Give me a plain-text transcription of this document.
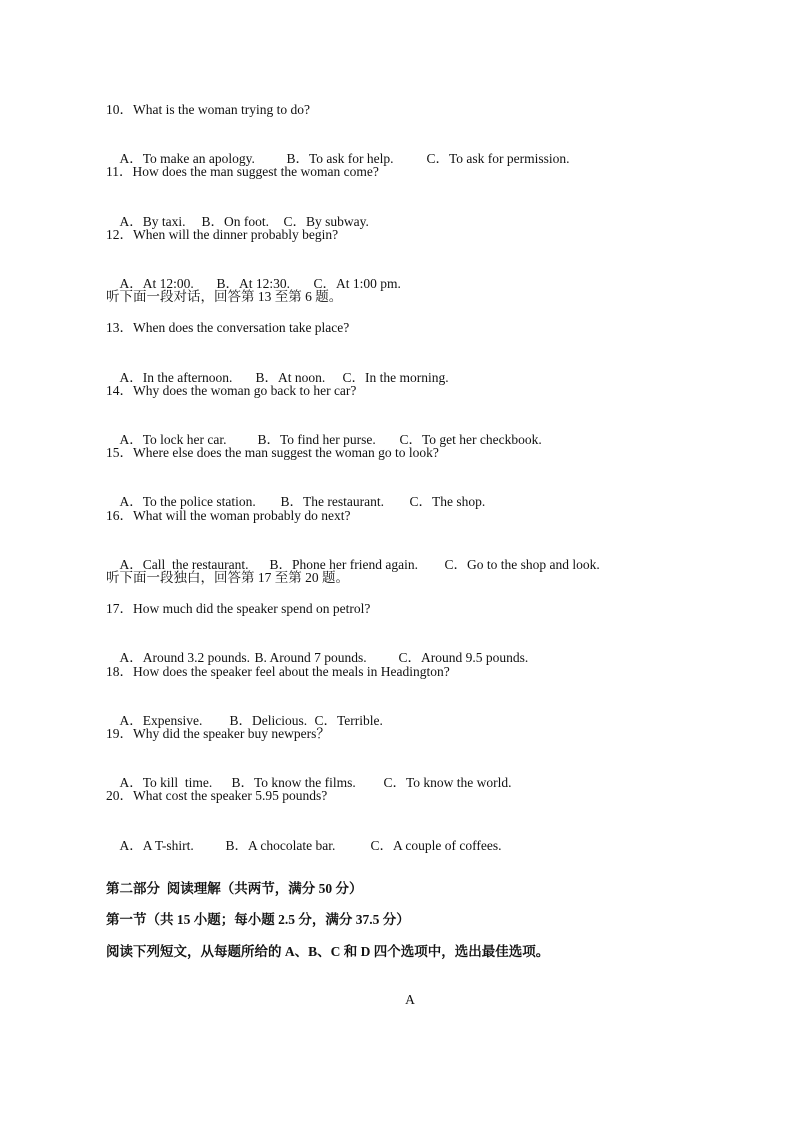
10．What is the woman trying to do?

A．To make an apology. B．To ask for help. C．To ask for permission.

11．How does the man suggest the woman come?

A．By taxi. B．On foot. C．By subway.

12．When will the dinner probably begin?

A．At 12:00. B．At 12:30. C．At 1:00 pm.

听下面一段对话，回答第 13 至第 6 题。
13．When does the conversation take place?

A．In the afternoon. B．At noon. C．In the morning.

14．Why does the woman go back to her car?

A．To lock her car. B．To find her purse. C．To get her checkbook.

15．Where else does the man suggest the woman go to look?

A．To the police station. B．The restaurant. C．The shop.

16．What will the woman probably do next?

A．Call  the restaurant. B．Phone her friend again. C．Go to the shop and look.

听下面一段独白，回答第 17 至第 20 题。
17．How much did the speaker spend on petrol?

A．Around 3.2 pounds. B. Around 7 pounds. C．Around 9.5 pounds.

18．How does the speaker feel about the meals in Headington?

A．Expensive. B．Delicious. C．Terrible.

19．Why did the speaker buy newpers？

A．To kill  time. B．To know the films. C．To know the world.

20．What cost the speaker 5.95 pounds?

A．A T-shirt. B．A chocolate bar.	C．A couple of coffees.

第二部分  阅读理解（共两节，满分 50 分）
第一节（共 15 小题；每小题 2.5 分，满分 37.5 分）
阅读下列短文，从每题所给的 A、B、C 和 D 四个选项中，选出最佳选项。
A
